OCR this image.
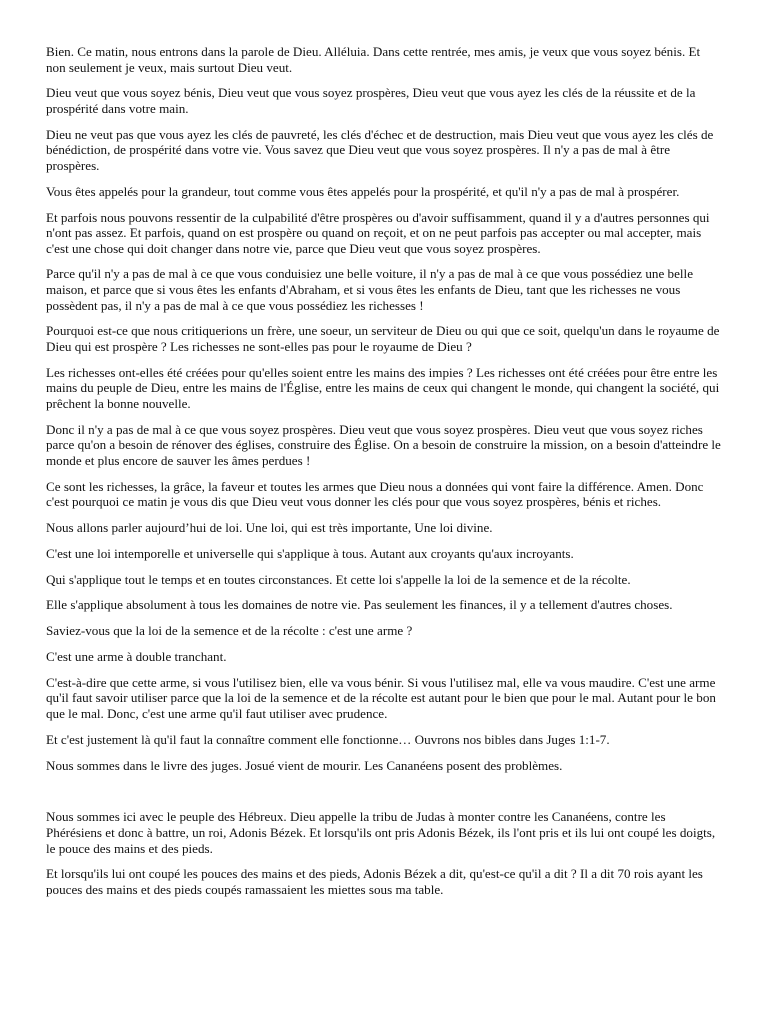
Bien. Ce matin, nous entrons dans la parole de Dieu. Alléluia. Dans cette rentrée, mes amis, je veux que vous soyez bénis. Et non seulement je veux, mais surtout Dieu veut.

Dieu veut que vous soyez bénis, Dieu veut que vous soyez prospères, Dieu veut que vous ayez les clés de la réussite et de la prospérité dans votre main.

Dieu ne veut pas que vous ayez les clés de pauvreté, les clés d'échec et de destruction, mais Dieu veut que vous ayez les clés de bénédiction, de prospérité dans votre vie. Vous savez que Dieu veut que vous soyez prospères. Il n'y a pas de mal à être prospères.

Vous êtes appelés pour la grandeur, tout comme vous êtes appelés pour la prospérité, et qu'il n'y a pas de mal à prospérer.

Et parfois nous pouvons ressentir de la culpabilité d'être prospères ou d'avoir suffisamment, quand il y a d'autres personnes qui n'ont pas assez. Et parfois, quand on est prospère ou quand on reçoit, et on ne peut parfois pas accepter ou mal accepter, mais c'est une chose qui doit changer dans notre vie, parce que Dieu veut que vous soyez prospères.

Parce qu'il n'y a pas de mal à ce que vous conduisiez une belle voiture, il n'y a pas de mal à ce que vous possédiez une belle maison, et parce que si vous êtes les enfants d'Abraham, et si vous êtes les enfants de Dieu, tant que les richesses ne vous possèdent pas, il n'y a pas de mal à ce que vous possédiez les richesses !

Pourquoi est-ce que nous critiquerions un frère, une soeur, un serviteur de Dieu ou qui que ce soit, quelqu'un dans le royaume de Dieu qui est prospère ? Les richesses ne sont-elles pas pour le royaume de Dieu ?

Les richesses ont-elles été créées pour qu'elles soient entre les mains des impies ? Les richesses ont été créées pour être entre les mains du peuple de Dieu, entre les mains de l'Église, entre les mains de ceux qui changent le monde, qui changent la société, qui prêchent la bonne nouvelle.

Donc il n'y a pas de mal à ce que vous soyez prospères. Dieu veut que vous soyez prospères. Dieu veut que vous soyez riches parce qu'on a besoin de rénover des églises, construire des Église. On a besoin de construire la mission, on a besoin d'atteindre le monde et plus encore de sauver les âmes perdues !

Ce sont les richesses, la grâce, la faveur et toutes les armes que Dieu nous a données qui vont faire la différence. Amen. Donc c'est pourquoi ce matin je vous dis que Dieu veut vous donner les clés pour que vous soyez prospères, bénis et riches.

Nous allons parler aujourd’hui de loi. Une loi, qui est très importante, Une loi divine.

C'est une loi intemporelle et universelle qui s'applique à tous. Autant aux croyants qu'aux incroyants.

Qui s'applique tout le temps et en toutes circonstances. Et cette loi s'appelle la loi de la semence et de la récolte.

Elle s'applique absolument à tous les domaines de notre vie. Pas seulement les finances, il y a tellement d'autres choses.

Saviez-vous que la loi de la semence et de la récolte : c'est une arme ?

C'est une arme à double tranchant.

C'est-à-dire que cette arme, si vous l'utilisez bien, elle va vous bénir. Si vous l'utilisez mal, elle va vous maudire. C'est une arme qu'il faut savoir utiliser parce que la loi de la semence et de la récolte est autant pour le bien que pour le mal. Autant pour le bon que le mal. Donc, c'est une arme qu'il faut utiliser avec prudence.

Et c'est justement là qu'il faut la connaître comment elle fonctionne… Ouvrons nos bibles dans Juges 1:1-7.

Nous sommes dans le livre des juges. Josué vient de mourir. Les Cananéens posent des problèmes.

Nous sommes ici avec le peuple des Hébreux. Dieu appelle la tribu de Judas à monter contre les Cananéens, contre les Phérésiens et donc à battre, un roi, Adonis Bézek. Et lorsqu'ils ont pris Adonis Bézek, ils l'ont pris et ils lui ont coupé les doigts, le pouce des mains et des pieds.

Et lorsqu'ils lui ont coupé les pouces des mains et des pieds, Adonis Bézek a dit, qu'est-ce qu'il a dit ? Il a dit 70 rois ayant les pouces des mains et des pieds coupés ramassaient les miettes sous ma table.
